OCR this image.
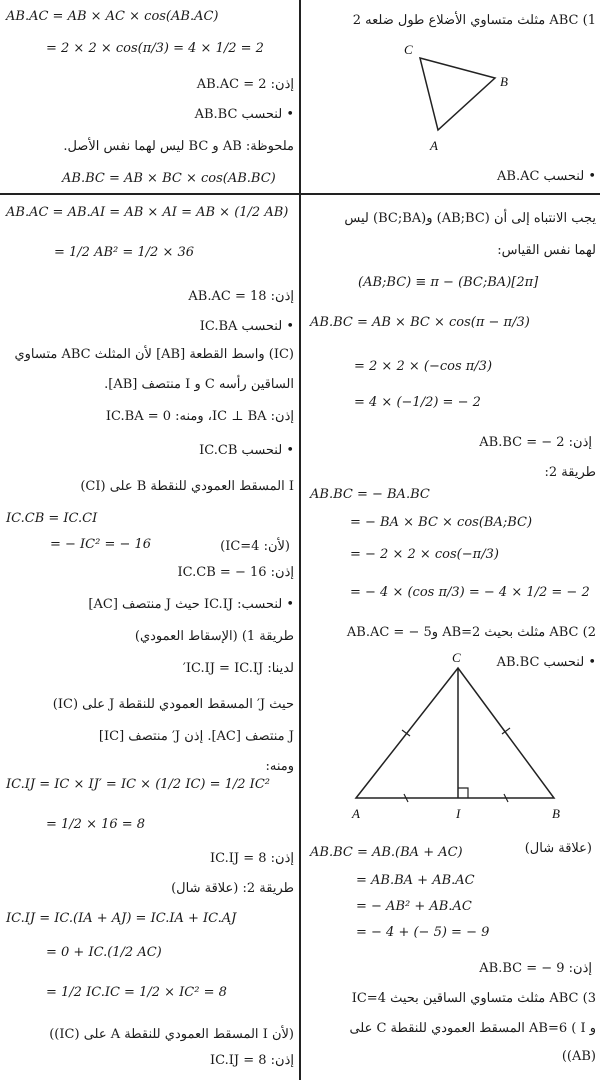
AB.AC = AB × AC × cos(AB.AC)
= 2 × 2 × cos(π/3) = 4 × 1/2 = 2
إذن: AB.AC = 2
• لنحسب AB.BC
ملحوظة: AB و BC ليس لهما نفس الأصل.
AB.BC = AB × BC × cos(AB.BC)
1) ABC مثلث متساوي الأضلاع طول ضلعه 2
• لنحسب AB.AC
C
B
A
يجب الانتباه إلى أن (AB;BC) و(BC;BA) ليس
لهما نفس القياس:
(AB;BC) ≡ π − (BC;BA)[2π]
AB.BC = AB × BC × cos(π − π/3)
= 2 × 2 × (−cos π/3)
= 4 × (−1/2) = − 2
إذن: AB.BC = − 2
طريقة 2:
AB.BC = − BA.BC
= − BA × BC × cos(BA;BC)
= − 2 × 2 × cos(−π/3)
= − 4 × (cos π/3) = − 4 × 1/2 = − 2
2) ABC مثلث بحيث AB=2 و5 − = AB.AC
• لنحسب AB.BC
(علاقة شال)
AB.BC = AB.(BA + AC)
= AB.BA + AB.AC
= − AB² + AB.AC
= − 4 + (− 5) = − 9
إذن: AB.BC = − 9
3) ABC مثلث متساوي الساقين بحيث IC=4
و AB=6 ( I المسقط العمودي للنقطة C على
(AB))
C
A	I	B
AB.AC = AB.AI = AB × AI = AB × (1/2 AB)
= 1/2 AB² = 1/2 × 36
إذن: AB.AC = 18
• لنحسب IC.BA
(IC) واسط القطعة [AB] لأن المثلث ABC متساوي
الساقين رأسه C و I منتصف [AB].
إذن: IC ⊥ BA، ومنه: IC.BA = 0
• لنحسب IC.CB
I المسقط العمودي للنقطة B على (CI)
IC.CB = IC.CI
= − IC² = − 16	(لأن: IC=4)
إذن: IC.CB = − 16
• لنحسب: IC.IJ حيث J منتصف [AC]
طريقة 1) (الإسقاط العمودي)
لدينا: IC.IJ = IC.IJ′
حيث J′ المسقط العمودي للنقطة J على (IC)
J منتصف [AC]. إذن J′ منتصف [IC]
ومنه:
IC.IJ = IC × IJ′ = IC × (1/2 IC) = 1/2 IC²
= 1/2 × 16 = 8
إذن: IC.IJ = 8
طريقة 2: (علاقة شال)
IC.IJ = IC.(IA + AJ) = IC.IA + IC.AJ
= 0 + IC.(1/2 AC)
= 1/2 IC.IC = 1/2 × IC² = 8
(لأن I المسقط العمودي للنقطة A على (IC))
إذن: IC.IJ = 8
